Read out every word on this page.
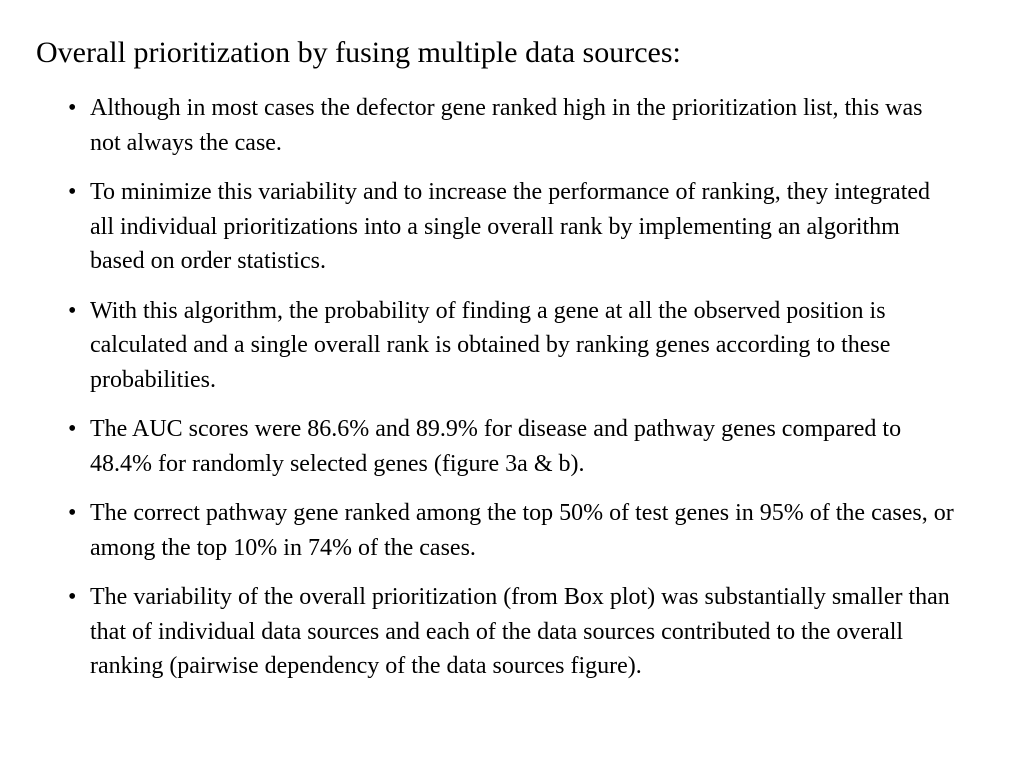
Overall prioritization by fusing multiple data sources:
• Although in most cases the defector gene ranked high in the prioritization list, this was not always the case.
• To minimize this variability and to increase the performance of ranking, they integrated all individual prioritizations into a single overall rank by implementing an algorithm based on order statistics.
• With this algorithm, the probability of finding a gene at all the observed position is calculated and a single overall rank is obtained by ranking genes according to these probabilities.
• The AUC scores were 86.6% and 89.9% for disease and pathway genes compared to 48.4% for randomly selected genes (figure 3a & b).
• The correct pathway gene ranked among the top 50% of test genes in 95% of the cases, or among the top 10% in 74% of the cases.
• The variability of the overall prioritization (from Box plot) was substantially smaller than that of individual data sources and each of the data sources contributed to the overall ranking (pairwise dependency of the data sources figure).
